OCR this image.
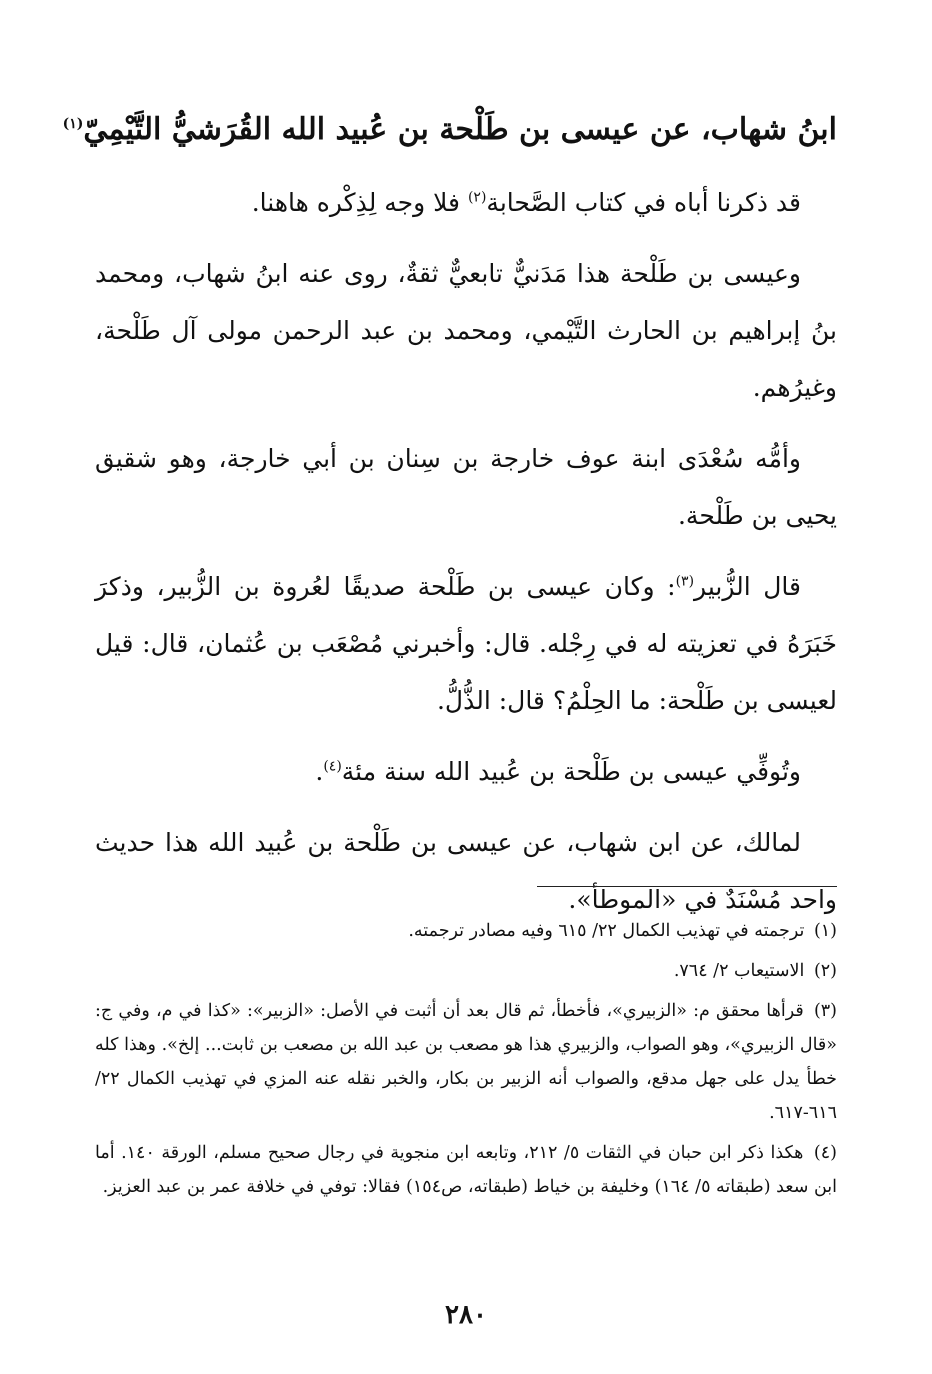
ابنُ شهاب، عن عيسى بن طَلْحة بن عُبيد الله القُرَشيُّ التَّيْمِيّ$^{(١)}$

قد ذكرنا أباه في كتاب الصَّحابة$^{(٢)}$ فلا وجه لِذِكْره هاهنا.

وعيسى بن طَلْحة هذا مَدَنيٌّ تابعيٌّ ثقةٌ، روى عنه ابنُ شهاب، ومحمد بنُ إبراهيم بن الحارث التَّيْمي، ومحمد بن عبد الرحمن مولى آل طَلْحة، وغيرُهم.

وأمُّه سُعْدَى ابنة عوف خارجة بن سِنان بن أبي خارجة، وهو شقيق يحيى بن طَلْحة.

قال الزُّبير$^{(٣)}$: وكان عيسى بن طَلْحة صديقًا لعُروة بن الزُّبير، وذكرَ خَبَرَهُ في تعزيته له في رِجْله. قال: وأخبرني مُصْعَب بن عُثمان، قال: قيل لعيسى بن طَلْحة: ما الحِلْمُ؟ قال: الذُّلُّ.

وتُوفِّي عيسى بن طَلْحة بن عُبيد الله سنة مئة$^{(٤)}$.

لمالك، عن ابن شهاب، عن عيسى بن طَلْحة بن عُبيد الله هذا حديث واحد مُسْنَدٌ في «الموطأ».

(١) ترجمته في تهذيب الكمال ٢٢/ ٦١٥ وفيه مصادر ترجمته.

(٢) الاستيعاب ٢/ ٧٦٤.

(٣) قرأها محقق م: «الزبيري»، فأخطأ، ثم قال بعد أن أثبت في الأصل: «الزبير»: «كذا في م، وفي ج: «قال الزبيري»، وهو الصواب، والزبيري هذا هو مصعب بن عبد الله بن مصعب بن ثابت... إلخ». وهذا كله خطأ يدل على جهل مدقع، والصواب أنه الزبير بن بكار، والخبر نقله عنه المزي في تهذيب الكمال ٢٢/ ٦١٦-٦١٧.

(٤) هكذا ذكر ابن حبان في الثقات ٥/ ٢١٢، وتابعه ابن منجوية في رجال صحيح مسلم، الورقة ١٤٠. أما ابن سعد (طبقاته ٥/ ١٦٤) وخليفة بن خياط (طبقاته، ص١٥٤) فقالا: توفي في خلافة عمر بن عبد العزيز.

٢٨٠
